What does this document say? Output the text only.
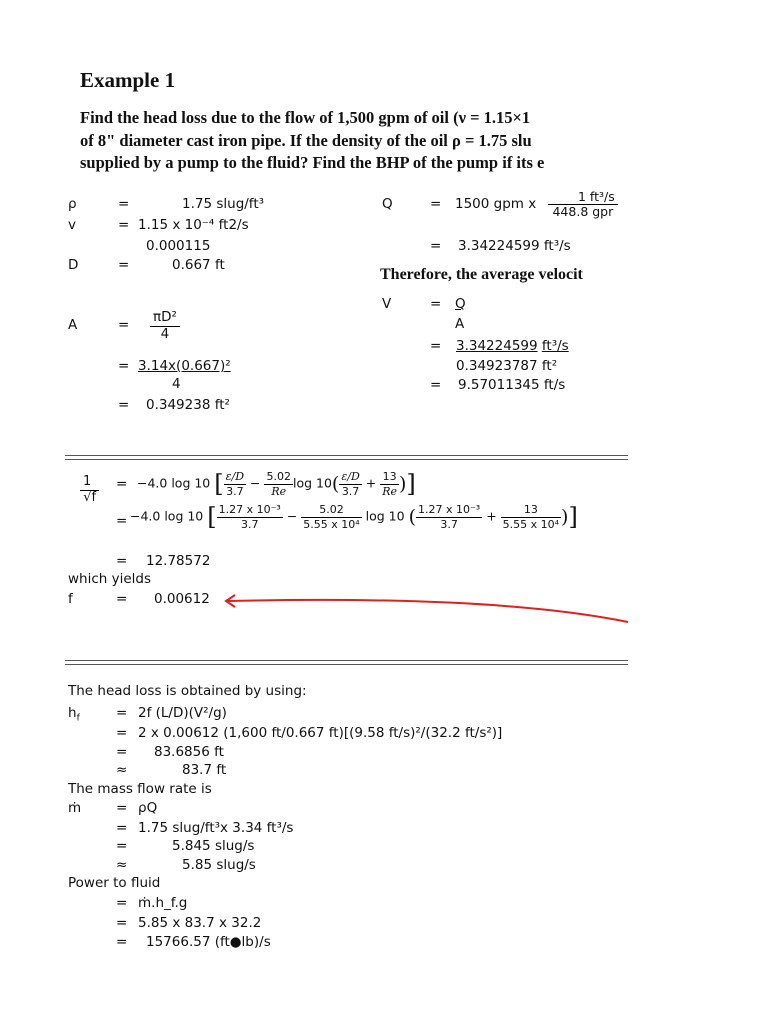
Example 1
Find the head loss due to the flow of 1,500 gpm of oil (ν = 1.15×1
of 8" diameter cast iron pipe. If the density of the oil ρ = 1.75 slu
supplied by a pump to the fluid? Find the BHP of the pump if its e
ρ	=	1.75 slug/ft³
v	= 1.15 x 10⁻⁴ ft2/s
0.000115
D	=	0.667 ft
A	= $\frac{\text{πD²}}{4}$
= 3.14x(0.667)²
4
= 0.349238 ft²
Q	= 1500 gpm x $\frac{\text{1 ft³/s}}{\text{448.8 gpr}}$
= 3.34224599 ft³/s
Therefore, the average velocit
V	= Q
A
= 3.34224599 ft³/s
0.34923787 ft²
= 9.57011345 ft/s
$\frac{1}{√f} = -4.0$ log 10 [ $\frac{\varepsilon/D}{3.7} - \frac{5.02}{Re}$ $\log 10( \frac{\varepsilon/D}{3.7} + \frac{13}{Re}$ )]
= −4.0 log 10 [ $\frac{\text{1.27 x 10⁻³}}{3.7} - \frac{5.02}{\text{5.55 x 10⁴}}$ log 10 ( $\frac{\text{1.27 x 10⁻³}}{3.7} + \frac{13}{\text{5.55 x 10⁴}}$ )]
= 12.78572
which yields
f	= 0.00612
The head loss is obtained by using:
$h_f$	= 2f (L/D)(V²/g)
= 2 x 0.00612 (1,600 ft/0.667 ft)[(9.58 ft/s)²/(32.2 ft/s²)]
= 83.6856 ft
≈	83.7 ft
The mass flow rate is
ṁ	= ρQ
= 1.75 slug/ft³x 3.34 ft³/s
=	5.845 slug/s
≈	5.85 slug/s
Power to fluid
= ṁ.h_f.g
= 5.85 x 83.7 x 32.2
= 15766.57 (ft●lb)/s
